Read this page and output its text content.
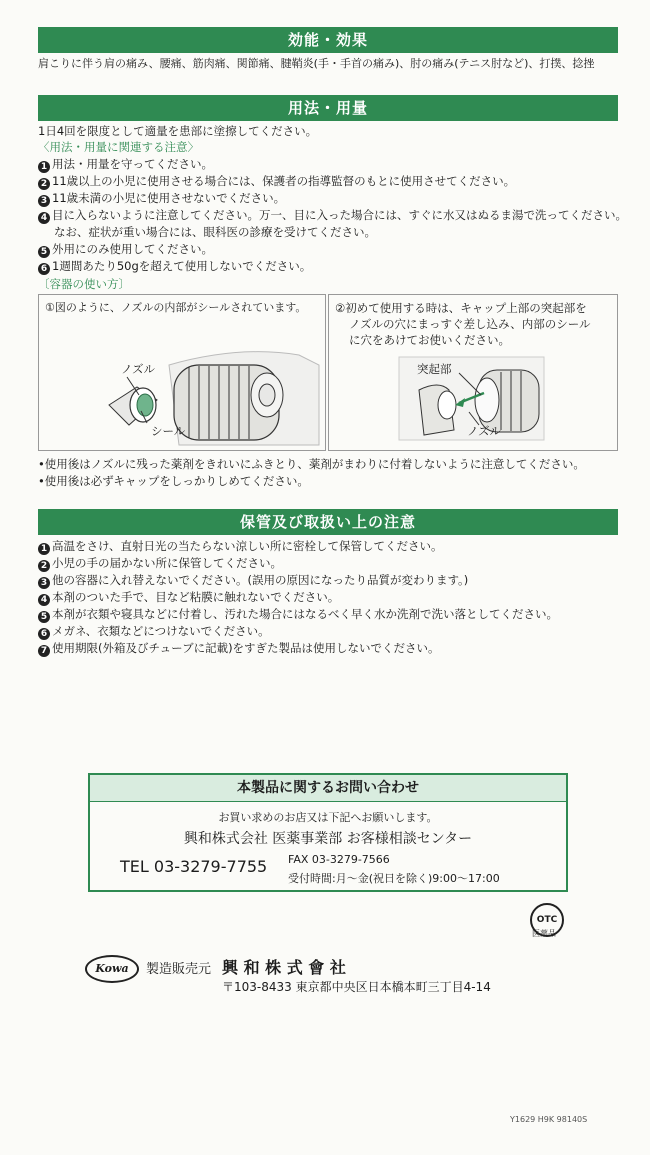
効能・効果
肩こりに伴う肩の痛み、腰痛、筋肉痛、関節痛、腱鞘炎(手・手首の痛み)、肘の痛み(テニス肘など)、打撲、捻挫
用法・用量
1日4回を限度として適量を患部に塗擦してください。
〈用法・用量に関連する注意〉
1 用法・用量を守ってください。
2 11歳以上の小児に使用させる場合には、保護者の指導監督のもとに使用させてください。
3 11歳未満の小児に使用させないでください。
4 目に入らないように注意してください。万一、目に入った場合には、すぐに水又はぬるま湯で洗ってください。
なお、症状が重い場合には、眼科医の診療を受けてください。
5 外用にのみ使用してください。
6 1週間あたり50gを超えて使用しないでください。
〔容器の使い方〕
①図のように、ノズルの内部がシールされています。
ノズル
シール
②初めて使用する時は、キャップ上部の突起部を
ノズルの穴にまっすぐ差し込み、内部のシール
に穴をあけてお使いください。
突起部
ノズル
•使用後はノズルに残った薬剤をきれいにふきとり、薬剤がまわりに付着しないように注意してください。
•使用後は必ずキャップをしっかりしめてください。
保管及び取扱い上の注意
1 高温をさけ、直射日光の当たらない涼しい所に密栓して保管してください。
2 小児の手の届かない所に保管してください。
3 他の容器に入れ替えないでください。(誤用の原因になったり品質が変わります。)
4 本剤のついた手で、目など粘膜に触れないでください。
5 本剤が衣類や寝具などに付着し、汚れた場合にはなるべく早く水か洗剤で洗い落としてください。
6 メガネ、衣類などにつけないでください。
7 使用期限(外箱及びチューブに記載)をすぎた製品は使用しないでください。
本製品に関するお問い合わせ
お買い求めのお店又は下記へお願いします。
興和株式会社 医薬事業部 お客様相談センター
TEL 03-3279-7755 FAX 03-3279-7566
受付時間:月～金(祝日を除く)9:00～17:00
OTC
医薬品
Kowa	製造販売元 興 和 株 式 會 社
〒103-8433 東京都中央区日本橋本町三丁目4-14
Y1629 H9K 98140S
